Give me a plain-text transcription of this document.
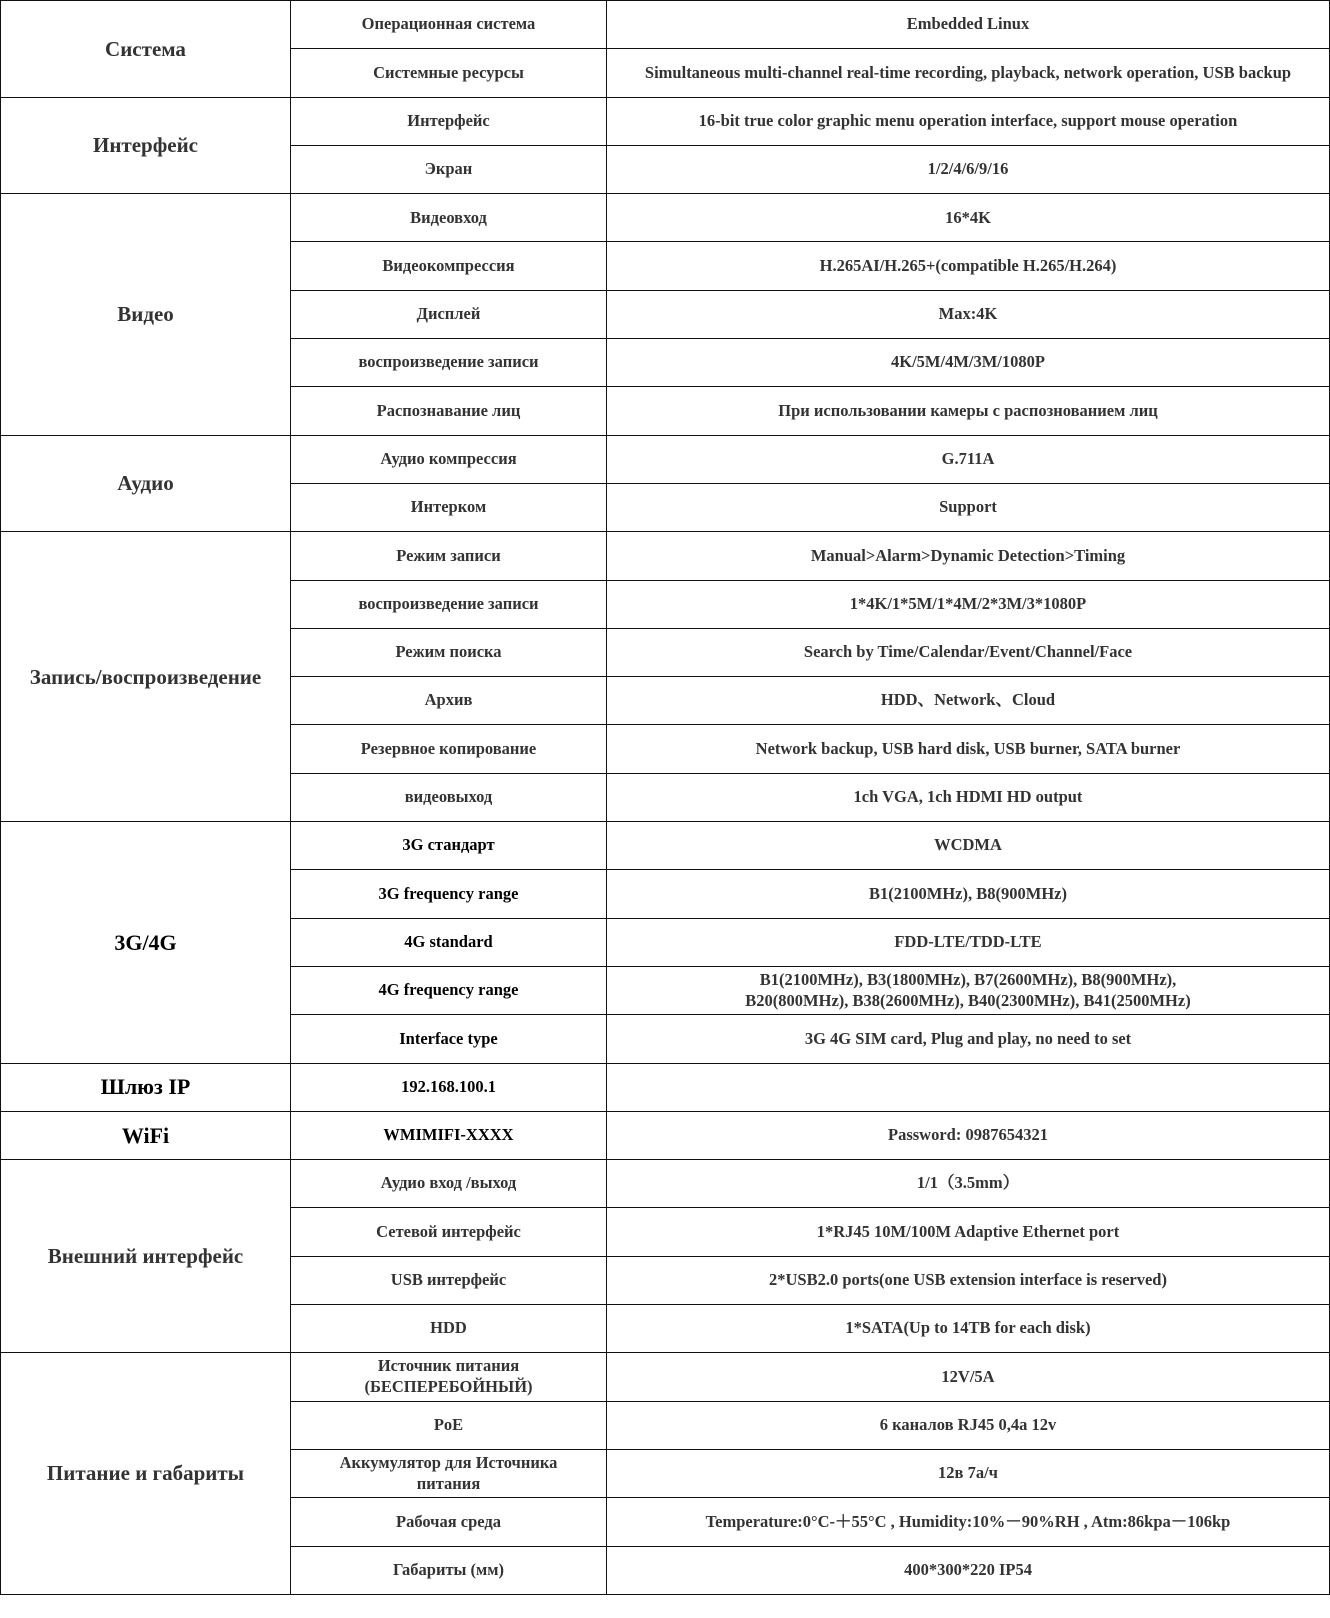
Система	Операционная система	Embedded Linux
	Системные ресурсы	Simultaneous multi-channel real-time recording, playback, network operation, USB backup
Интерфейс	Интерфейс	16-bit true color graphic menu operation interface, support mouse operation
	Экран	1/2/4/6/9/16
Видео	Видеовход	16*4K
	Видеокомпрессия	H.265AI/H.265+(compatible H.265/H.264)
	Дисплей	Max:4K
	воспроизведение записи	4K/5M/4M/3M/1080P
	Распознавание лиц	При использовании камеры с распознованием лиц
Аудио	Аудио компрессия	G.711A
	Интерком	Support
Запись/воспроизведение	Режим записи	Manual>Alarm>Dynamic Detection>Timing
	воспроизведение записи	1*4K/1*5M/1*4M/2*3M/3*1080P
	Режим поиска	Search by Time/Calendar/Event/Channel/Face
	Архив	HDD、Network、Cloud
	Резервное копирование	Network backup, USB hard disk, USB burner, SATA burner
	видеовыход	1ch VGA, 1ch HDMI HD output
3G/4G	3G стандарт	WCDMA
	3G frequency range	B1(2100MHz), B8(900MHz)
	4G standard	FDD-LTE/TDD-LTE
	4G frequency range	B1(2100MHz), B3(1800MHz), B7(2600MHz), B8(900MHz),
B20(800MHz), B38(2600MHz), B40(2300MHz), B41(2500MHz)

	Interface type	3G 4G SIM card, Plug and play, no need to set
Шлюз IP	192.168.100.1	
WiFi	WMIMIFI-XXXX	Password: 0987654321
Внешний интерфейс	Аудио вход /выход	1/1（3.5mm）
	Сетевой интерфейс	1*RJ45 10M/100M Adaptive Ethernet port
	USB интерфейс	2*USB2.0 ports(one USB extension interface is reserved)
	HDD	1*SATA(Up to 14TB for each disk)
Питание и габариты	Источник питания
(БЕСПЕРЕБОЙНЫЙ)	12V/5A
	PoE	6 каналов RJ45 0,4а 12v

	Аккумулятор для Источника
питания	12в 7а/ч
	Рабочая среда	Temperature:0°C-＋55°C , Humidity:10%－90%RH , Atm:86kpa－106kp
	Габариты (мм)	400*300*220 IP54
